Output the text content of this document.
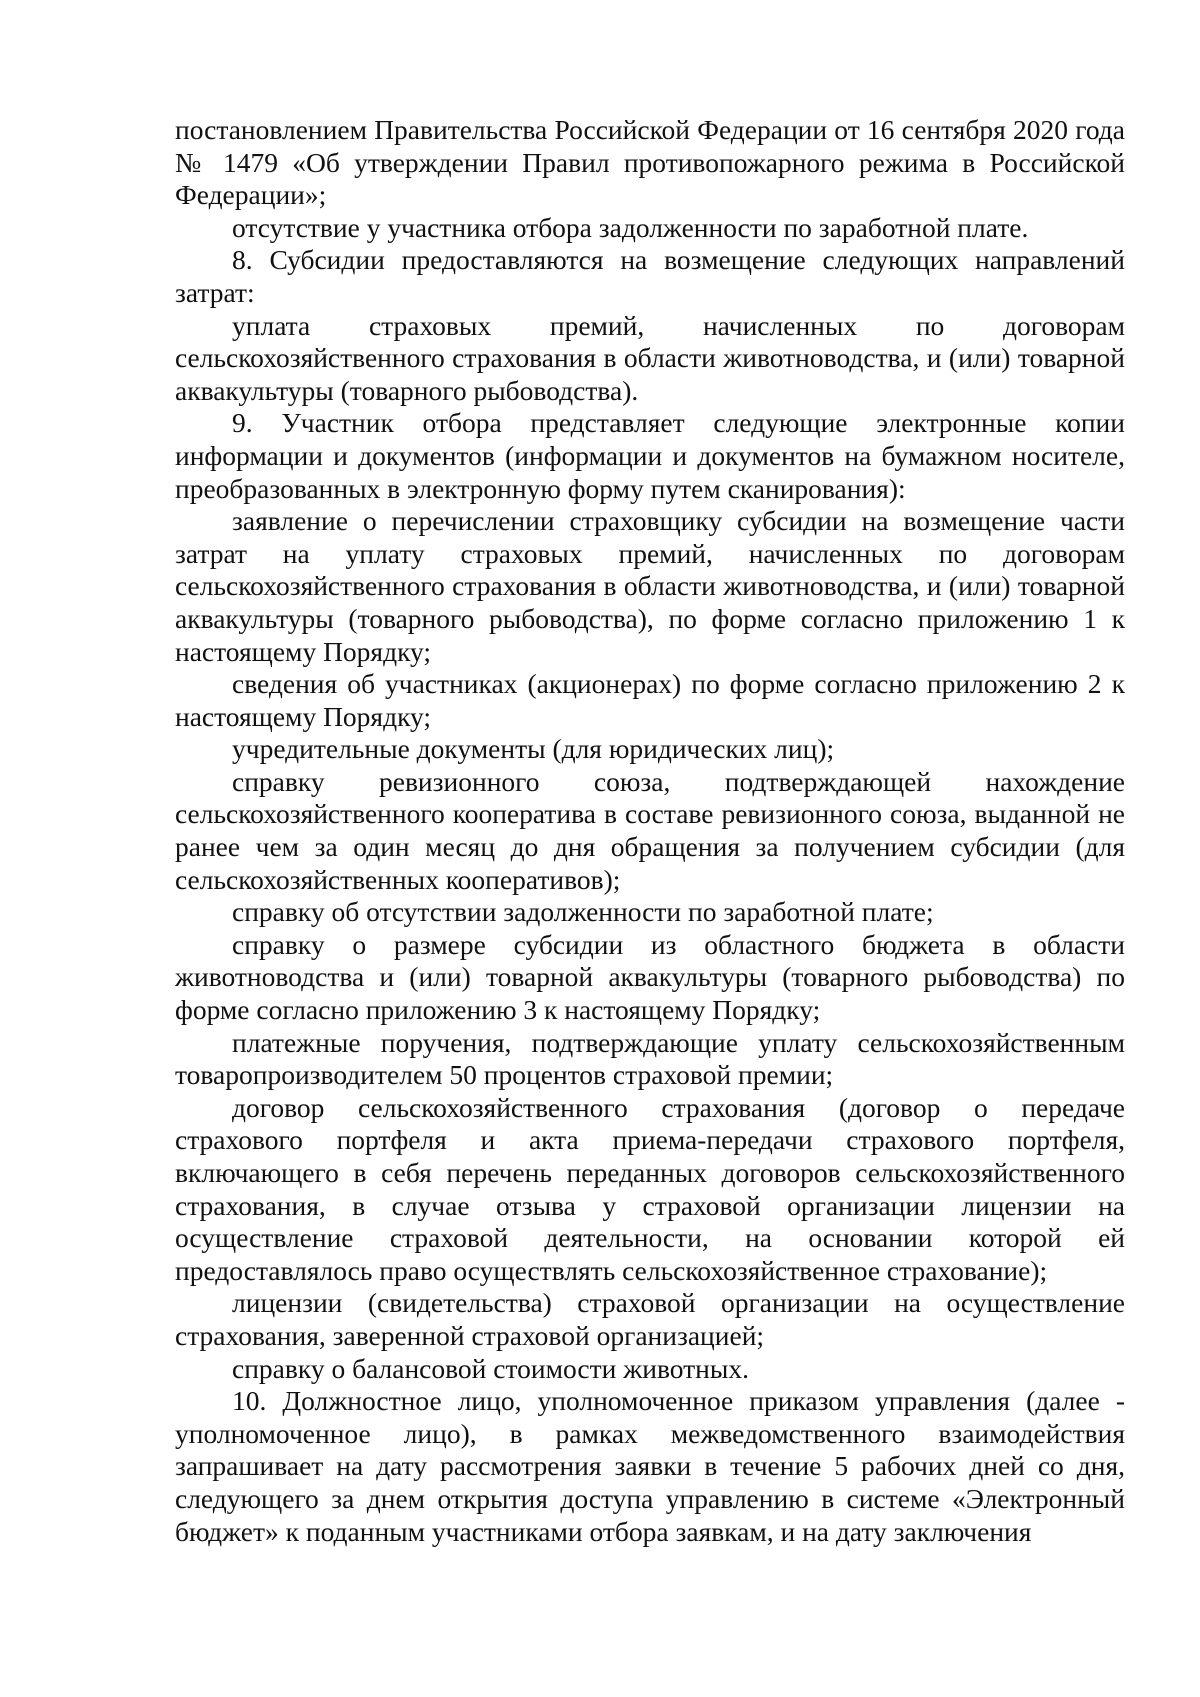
постановлением Правительства Российской Федерации от 16 сентября 2020 года № 1479 «Об утверждении Правил противопожарного режима в Российской Федерации»;

отсутствие у участника отбора задолженности по заработной плате.

8. Субсидии предоставляются на возмещение следующих направлений затрат:

уплата страховых премий, начисленных по договорам сельскохозяйственного страхования в области животноводства, и (или) товарной аквакультуры (товарного рыбоводства).

9. Участник отбора представляет следующие электронные копии информации и документов (информации и документов на бумажном носителе, преобразованных в электронную форму путем сканирования):

заявление о перечислении страховщику субсидии на возмещение части затрат на уплату страховых премий, начисленных по договорам сельскохозяйственного страхования в области животноводства, и (или) товарной аквакультуры (товарного рыбоводства), по форме согласно приложению 1 к настоящему Порядку;

сведения об участниках (акционерах) по форме согласно приложению 2 к настоящему Порядку;

учредительные документы (для юридических лиц);

справку ревизионного союза, подтверждающей нахождение сельскохозяйственного кооператива в составе ревизионного союза, выданной не ранее чем за один месяц до дня обращения за получением субсидии (для сельскохозяйственных кооперативов);

справку об отсутствии задолженности по заработной плате;

справку о размере субсидии из областного бюджета в области животноводства и (или) товарной аквакультуры (товарного рыбоводства) по форме согласно приложению 3 к настоящему Порядку;

платежные поручения, подтверждающие уплату сельскохозяйственным товаропроизводителем 50 процентов страховой премии;

договор сельскохозяйственного страхования (договор о передаче страхового портфеля и акта приема-передачи страхового портфеля, включающего в себя перечень переданных договоров сельскохозяйственного страхования, в случае отзыва у страховой организации лицензии на осуществление страховой деятельности, на основании которой ей предоставлялось право осуществлять сельскохозяйственное страхование);

лицензии (свидетельства) страховой организации на осуществление страхования, заверенной страховой организацией;

справку о балансовой стоимости животных.

10. Должностное лицо, уполномоченное приказом управления (далее - уполномоченное лицо), в рамках межведомственного взаимодействия запрашивает на дату рассмотрения заявки в течение 5 рабочих дней со дня, следующего за днем открытия доступа управлению в системе «Электронный бюджет» к поданным участниками отбора заявкам, и на дату заключения
